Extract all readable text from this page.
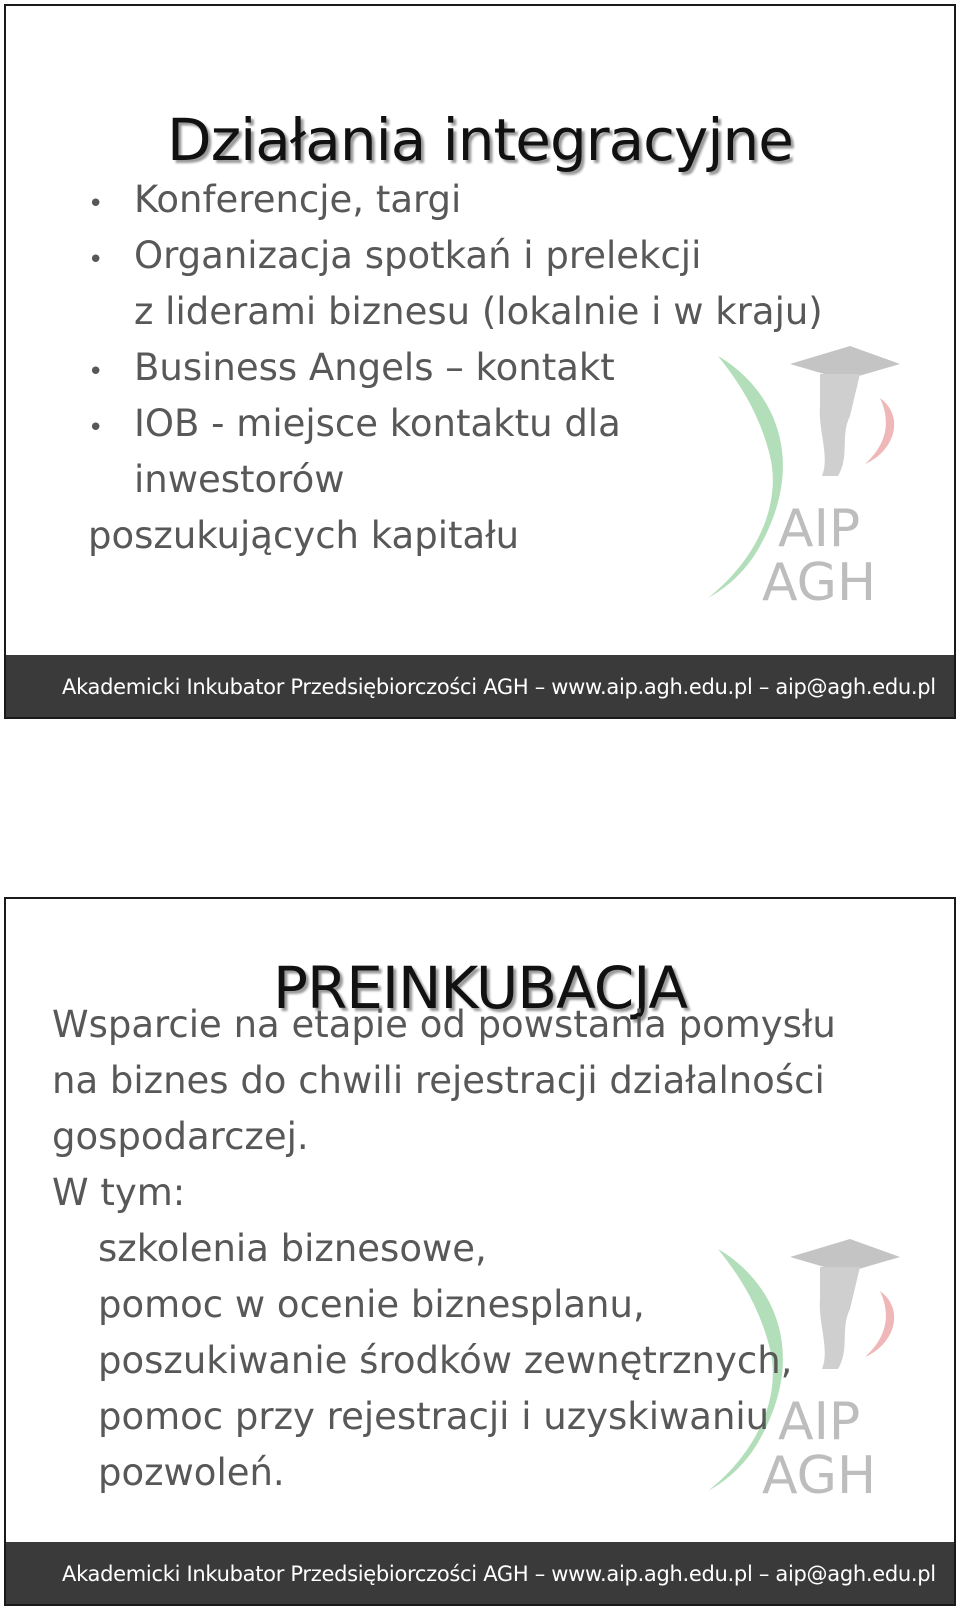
Działania integracyjne
• Konferencje, targi
• Organizacja spotkań i prelekcji
z liderami biznesu (lokalnie i w kraju)
• Business Angels – kontakt
• IOB - miejsce kontaktu dla
inwestorów
poszukujących kapitału	AIP
AGH
Akademicki Inkubator Przedsiębiorczości AGH – www.aip.agh.edu.pl – aip@agh.edu.pl
PREINKUBACJA
Wsparcie na etapie od powstania pomysłu
na biznes do chwili rejestracji działalności
gospodarczej.
W tym:
AIP
AGH
szkolenia biznesowe,
pomoc w ocenie biznesplanu,
poszukiwanie środków zewnętrznych,
pomoc przy rejestracji i uzyskiwaniu
pozwoleń.
Akademicki Inkubator Przedsiębiorczości AGH – www.aip.agh.edu.pl – aip@agh.edu.pl
